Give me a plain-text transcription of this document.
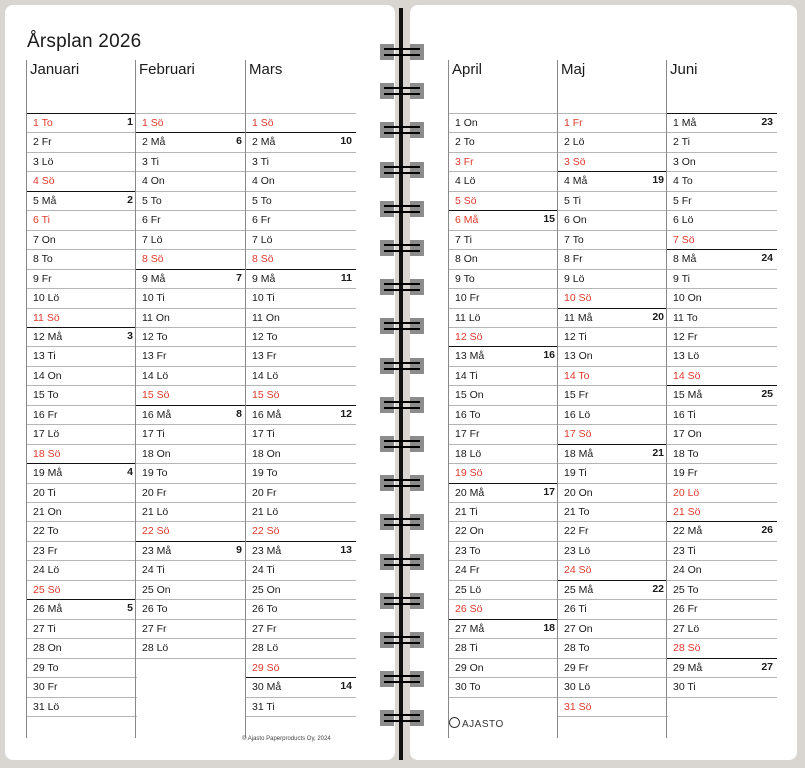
Årsplan 2026
Januari
1 To	1
2 Fr
3 Lö
4 Sö
5 Må	2
6 Ti
7 On
8 To
9 Fr
10 Lö
11 Sö
12 Må	3
13 Ti
14 On
15 To
16 Fr
17 Lö
18 Sö
19 Må	4
20 Ti
21 On
22 To
23 Fr
24 Lö
25 Sö
26 Må	5
27 Ti
28 On
29 To
30 Fr
31 Lö
Februari
1 Sö
2 Må	6
3 Ti
4 On
5 To
6 Fr
7 Lö
8 Sö
9 Må	7
10 Ti
11 On
12 To
13 Fr
14 Lö
15 Sö
16 Må	8
17 Ti
18 On
19 To
20 Fr
21 Lö
22 Sö
23 Må	9
24 Ti
25 On
26 To
27 Fr
28 Lö
Mars
1 Sö
2 Må	10
3 Ti
4 On
5 To
6 Fr
7 Lö
8 Sö
9 Må	11
10 Ti
11 On
12 To
13 Fr
14 Lö
15 Sö
16 Må	12
17 Ti
18 On
19 To
20 Fr
21 Lö
22 Sö
23 Må	13
24 Ti
25 On
26 To
27 Fr
28 Lö
29 Sö
30 Må	14
31 Ti
April
1 On
2 To
3 Fr
4 Lö
5 Sö
6 Må	15
7 Ti
8 On
9 To
10 Fr
11 Lö
12 Sö
13 Må	16
14 Ti
15 On
16 To
17 Fr
18 Lö
19 Sö
20 Må	17
21 Ti
22 On
23 To
24 Fr
25 Lö
26 Sö
27 Må	18
28 Ti
29 On
30 To
Maj
1 Fr
2 Lö
3 Sö
4 Må	19
5 Ti
6 On
7 To
8 Fr
9 Lö
10 Sö
11 Må	20
12 Ti
13 On
14 To
15 Fr
16 Lö
17 Sö
18 Må	21
19 Ti
20 On
21 To
22 Fr
23 Lö
24 Sö
25 Må	22
26 Ti
27 On
28 To
29 Fr
30 Lö
31 Sö
Juni
1 Må	23
2 Ti
3 On
4 To
5 Fr
6 Lö
7 Sö
8 Må	24
9 Ti
10 On
11 To
12 Fr
13 Lö
14 Sö
15 Må	25
16 Ti
17 On
18 To
19 Fr
20 Lö
21 Sö
22 Må	26
23 Ti
24 On
25 To
26 Fr
27 Lö
28 Sö
29 Må	27
30 Ti
© Ajasto Paperproducts Oy, 2024
AJASTO
